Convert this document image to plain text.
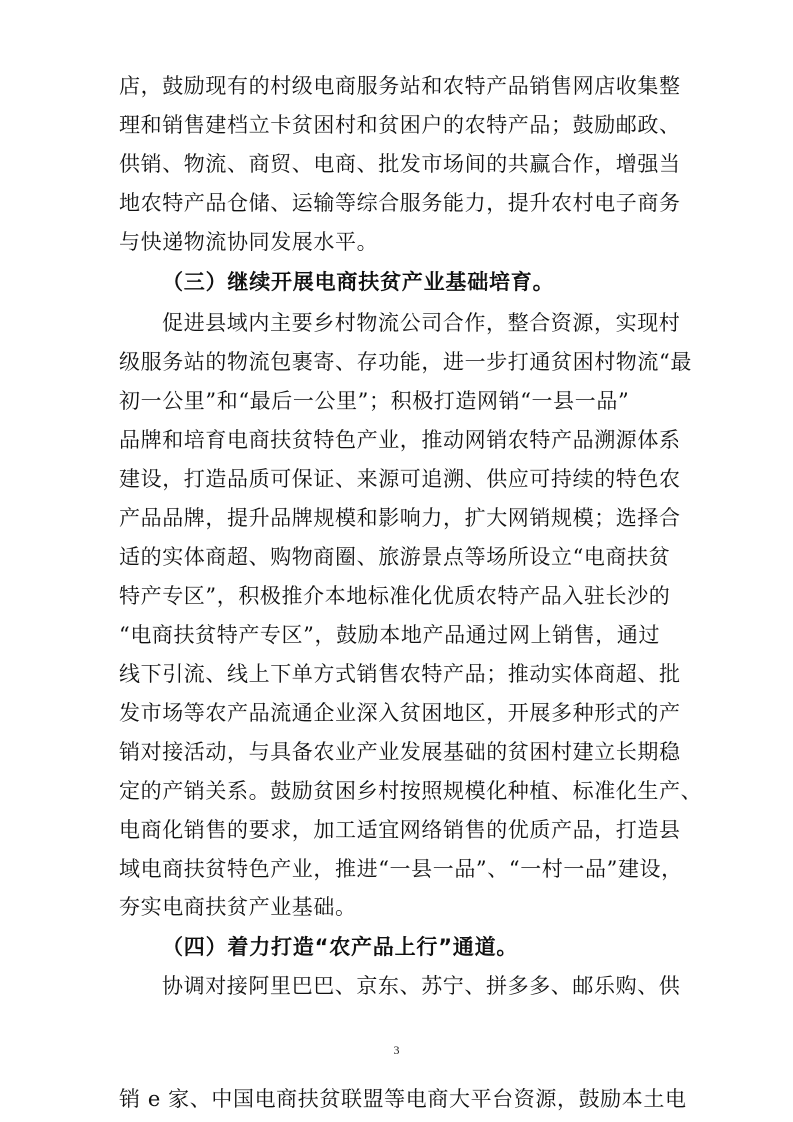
店，鼓励现有的村级电商服务站和农特产品销售网店收集整
理和销售建档立卡贫困村和贫困户的农特产品；鼓励邮政、
供销、物流、商贸、电商、批发市场间的共赢合作，增强当
地农特产品仓储、运输等综合服务能力，提升农村电子商务
与快递物流协同发展水平。
（三）继续开展电商扶贫产业基础培育。
促进县域内主要乡村物流公司合作，整合资源，实现村
级服务站的物流包裹寄、存功能，进一步打通贫困村物流“最
初一公里”和“最后一公里”；积极打造网销“一县一品”
品牌和培育电商扶贫特色产业，推动网销农特产品溯源体系
建设，打造品质可保证、来源可追溯、供应可持续的特色农
产品品牌，提升品牌规模和影响力，扩大网销规模；选择合
适的实体商超、购物商圈、旅游景点等场所设立“电商扶贫
特产专区”，积极推介本地标准化优质农特产品入驻长沙的
“电商扶贫特产专区”，鼓励本地产品通过网上销售，通过
线下引流、线上下单方式销售农特产品；推动实体商超、批
发市场等农产品流通企业深入贫困地区，开展多种形式的产
销对接活动，与具备农业产业发展基础的贫困村建立长期稳
定的产销关系。鼓励贫困乡村按照规模化种植、标准化生产、
电商化销售的要求，加工适宜网络销售的优质产品，打造县
域电商扶贫特色产业，推进“一县一品”、“一村一品”建设，
夯实电商扶贫产业基础。
（四）着力打造“农产品上行”通道。
协调对接阿里巴巴、京东、苏宁、拼多多、邮乐购、供
销 e 家、中国电商扶贫联盟等电商大平台资源，鼓励本土电
3
